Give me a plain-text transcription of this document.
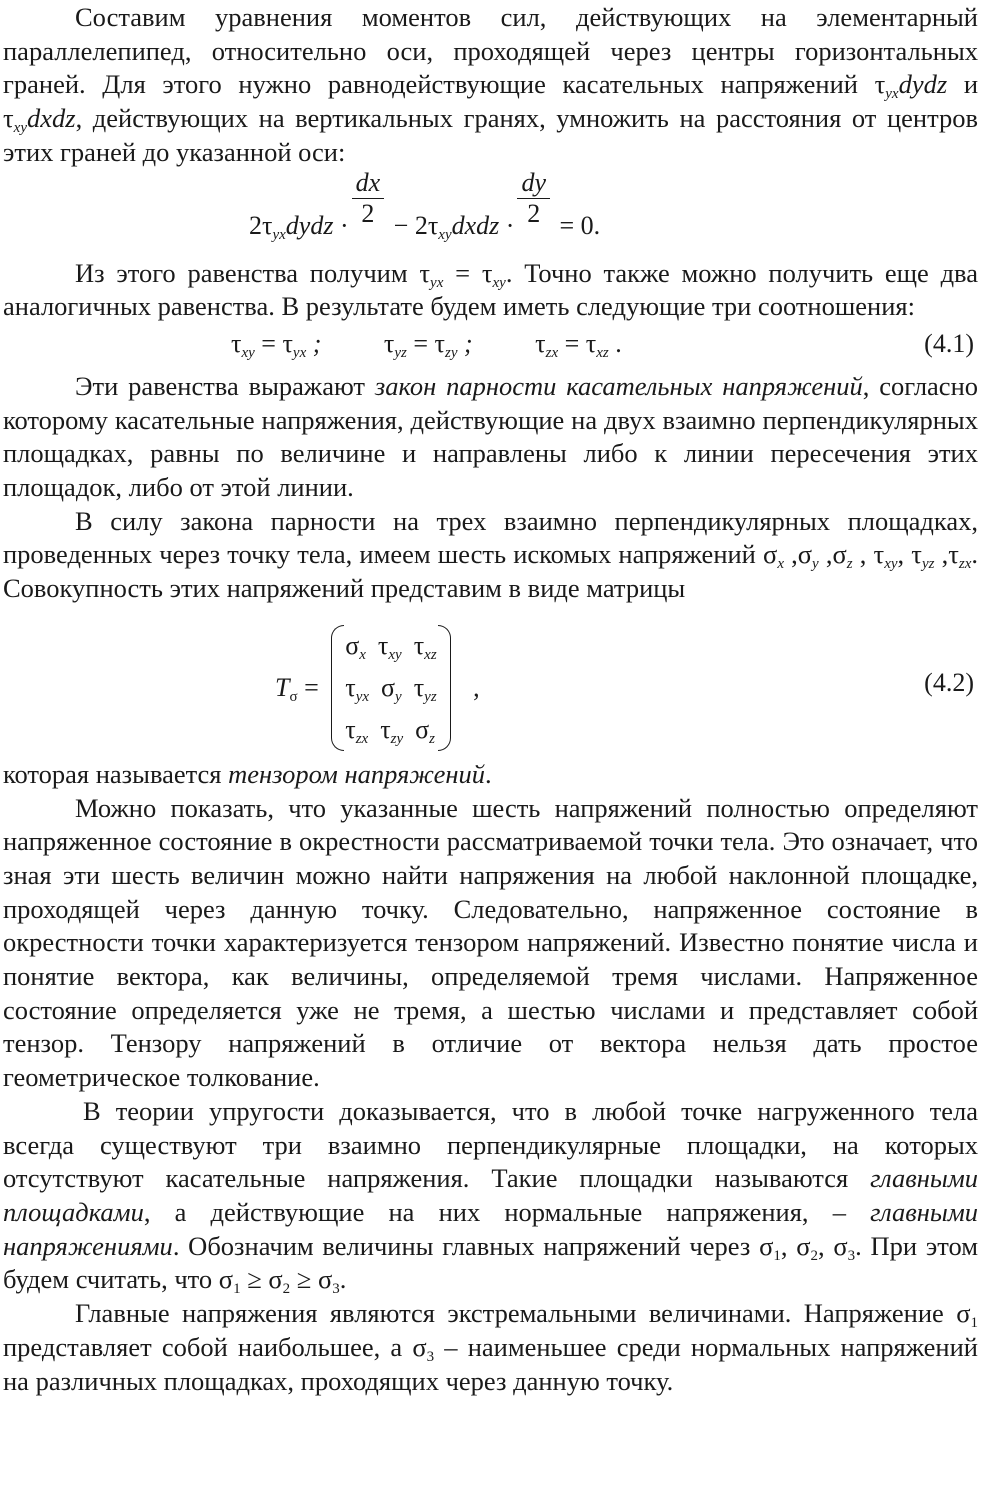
Составим уравнения моментов сил, действующих на элементарный параллелепипед, относительно оси, проходящей через центры горизонтальных граней. Для этого нужно равнодействующие касательных напряжений $\tau_{yx}dydz$ и $\tau_{xy}dxdz$, действующих на вертикальных гранях, умножить на расстояния от центров этих граней до указанной оси:

$2\tau_{yx}dydz \cdot \frac{dx}{2}$ − $2\tau_{xy}dxdz \cdot \frac{dy}{2} = 0$.

Из этого равенства получим $\tau_{yx} = \tau_{xy}$. Точно также можно получить еще два аналогичных равенства. В результате будем иметь следующие три соотношения:

$\tau_{xy} = \tau_{yx}$ ; $\tau_{yz} = \tau_{zy}$ ; $\tau_{zx} = \tau_{xz}$ .	(4.1)

Эти равенства выражают закон парности касательных напряжений, согласно которому касательные напряжения, действующие на двух взаимно перпендикулярных площадках, равны по величине и направлены либо к линии пересечения этих площадок, либо от этой линии.

В силу закона парности на трех взаимно перпендикулярных площадках, проведенных через точку тела, имеем шесть искомых напряжений $\sigma_x$ $,\sigma_y$ $,\sigma_z$ , $\tau_{xy}$, $\tau_{yz}$ $,\tau_{zx}$. Совокупность этих напряжений представим в виде матрицы

$T_\sigma$ =
$\sigma_x$ $\tau_{xy}$ $\tau_{xz}$
$\tau_{yx}$ $\sigma_y$ $\tau_{yz}$
$\tau_{zx}$ $\tau_{zy}$ $\sigma_z$
,	(4.2)

которая называется тензором напряжений.

Можно показать, что указанные шесть напряжений полностью определяют напряженное состояние в окрестности рассматриваемой точки тела. Это означает, что зная эти шесть величин можно найти напряжения на любой наклонной площадке, проходящей через данную точку. Следовательно, напряженное состояние в окрестности точки характеризуется тензором напряжений. Известно понятие числа и понятие вектора, как величины, определяемой тремя числами. Напряженное состояние определяется уже не тремя, а шестью числами и представляет собой тензор. Тензору напряжений в отличие от вектора нельзя дать простое геометрическое толкование.

В теории упругости доказывается, что в любой точке нагруженного тела всегда существуют три взаимно перпендикулярные площадки, на которых отсутствуют касательные напряжения. Такие площадки называются главными площадками, а действующие на них нормальные напряжения, – главными напряжениями. Обозначим величины главных напряжений через $\sigma_1$, $\sigma_2$, $\sigma_3$. При этом будем считать, что $\sigma_1 \ge \sigma_2 \ge \sigma_3$.

Главные напряжения являются экстремальными величинами. Напряжение $\sigma_1$ представляет собой наибольшее, а $\sigma_3$ – наименьшее среди нормальных напряжений на различных площадках, проходящих через данную точку.
